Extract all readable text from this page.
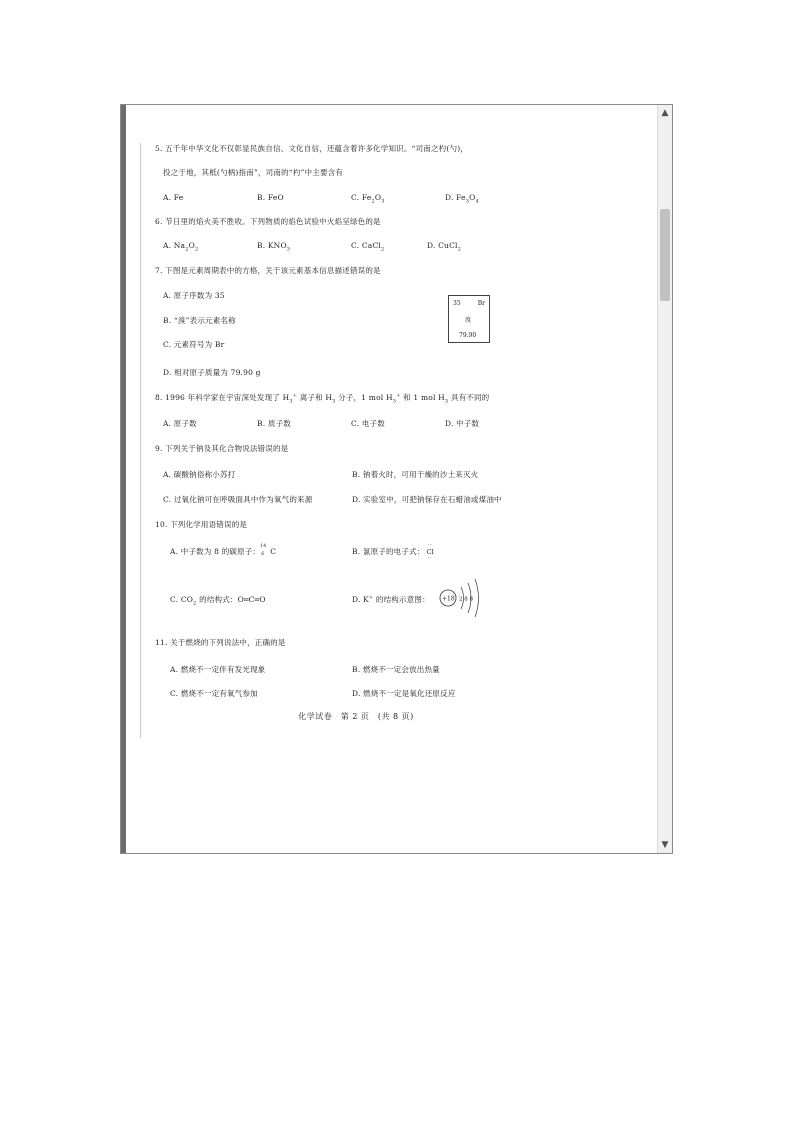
5. 五千年中华文化不仅彰显民族自信、文化自信，还蕴含着许多化学知识。“司南之杓(勺)，
投之于地，其柢(勺柄)指南”，司南的“杓”中主要含有
A. Fe	B. FeO	C. $Fe_2O_3$	D. $Fe_3O_4$
6. 节日里的焰火美不胜收。下列物质的焰色试验中火焰呈绿色的是
A. $Na_2O_2$	B. $KNO_3$	C. CaCl$_2$	D. CuCl$_2$
7. 下图是元素周期表中的方格，关于该元素基本信息描述错误的是
A. 原子序数为 35
B. “溴”表示元素名称
C. 元素符号为 Br
D. 相对原子质量为 79.90 g
35	Br
溴
79.90
8. 1996 年科学家在宇宙深处发现了 $H_3^+$ 离子和 $H_3$ 分子，1 mol $H_3^+$ 和 1 mol $H_3$ 具有不同的
A. 原子数	B. 质子数	C. 电子数	D. 中子数
9. 下列关于钠及其化合物说法错误的是
A. 碳酸钠俗称小苏打	B. 钠着火时，可用干燥的沙土来灭火
C. 过氧化钠可在呼吸面具中作为氧气的来源	D. 实验室中，可把钠保存在石蜡油或煤油中
10. 下列化学用语错误的是
A. 中子数为 8 的碳原子：
14
6 C	B. 氯原子的电子式：
··
Cl
··
C. $CO_2$ 的结构式：O═C═O	D. K+ 的结构示意图： +18 2 8 8
11. 关于燃烧的下列说法中，正确的是
A. 燃烧不一定伴有发光现象	B. 燃烧不一定会放出热量
C. 燃烧不一定有氧气参加	D. 燃烧不一定是氧化还原反应
化学试卷　第 2 页　(共 8 页)
▲
▼
